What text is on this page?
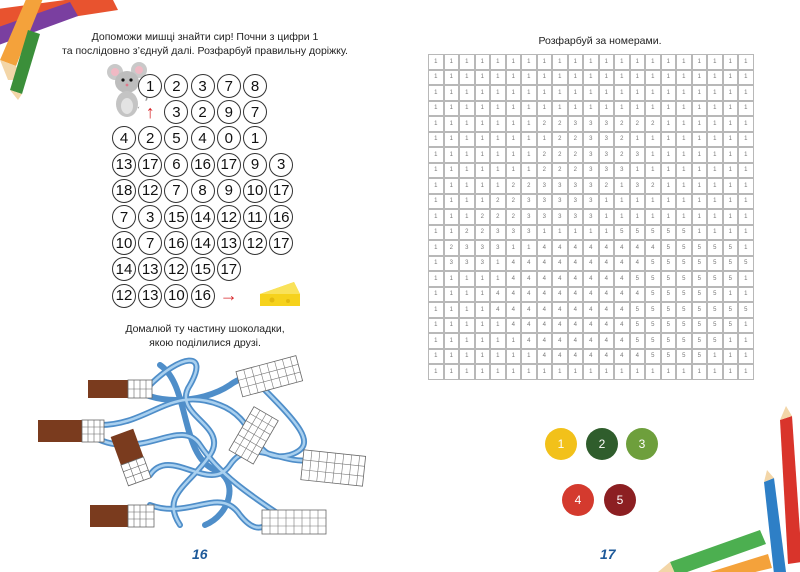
Допоможи мишці знайти сир! Почни з цифри 1
та послідовно з’єднуй далі. Розфарбуй правильну доріжку.
1	2	3	7	8
↑	3	2	9	7
4	2	5	4	0	1
13 17 6 16 17 9	3
18 12 7	8	9 10 17
7	3 15 14 12 11 16
10 7 16 14 13 12 17
14 13 12 15 17
12 13 10 16 →
Домалюй ту частину шоколадки,
якою поділилися друзі.
16
Розфарбуй за номерами.
1	1	1	1	1	1	1	1	1	1	1	1	1	1	1	1	1	1	1	1	1
1	1	1	1	1	1	1	1	1	1	1	1	1	1	1	1	1	1	1	1	1
1	1	1	1	1	1	1	1	1	1	1	1	1	1	1	1	1	1	1	1	1
1	1	1	1	1	1	1	1	1	1	1	1	1	1	1	1	1	1	1	1	1
1	1	1	1	1	1	1	2	2	3	3	3	2	2	2	1	1	1	1	1	1
1	1	1	1	1	1	1	1	2	2	3	3	2	1	1	1	1	1	1	1	1
1	1	1	1	1	1	1	2	2	2	3	3	2	3	1	1	1	1	1	1	1
1	1	1	1	1	1	1	2	2	2	3	3	3	1	1	1	1	1	1	1	1
1	1	1	1	1	2	2	3	3	3	3	2	1	3	2	1	1	1	1	1	1
1	1	1	1	2	2	3	3	3	3	3	1	1	1	1	1	1	1	1	1	1
1	1	1	2	2	2	3	3	3	3	3	1	1	1	1	1	1	1	1	1	1
1	1	2	2	3	3	3	1	1	1	1	1	5	5	5	5	5	1	1	1	1
1	2	3	3	3	1	1	4	4	4	4	4	4	4	4	5	5	5	5	5	1
1	3	3	3	1	4	4	4	4	4	4	4	4	4	5	5	5	5	5	5	5
1	1	1	1	1	4	4	4	4	4	4	4	4	5	5	5	5	5	5	5	1
1	1	1	1	4	4	4	4	4	4	4	4	4	4	5	5	5	5	5	1	1
1	1	1	1	4	4	4	4	4	4	4	4	4	5	5	5	5	5	5	5	5
1	1	1	1	1	4	4	4	4	4	4	4	4	5	5	5	5	5	5	5	1
1	1	1	1	1	1	4	4	4	4	4	4	4	5	5	5	5	5	5	1	1
1	1	1	1	1	1	1	4	4	4	4	4	4	4	5	5	5	5	1	1	1
1	1	1	1	1	1	1	1	1	1	1	1	1	1	1	1	1	1	1	1	1
1	2	3
4	5
17
